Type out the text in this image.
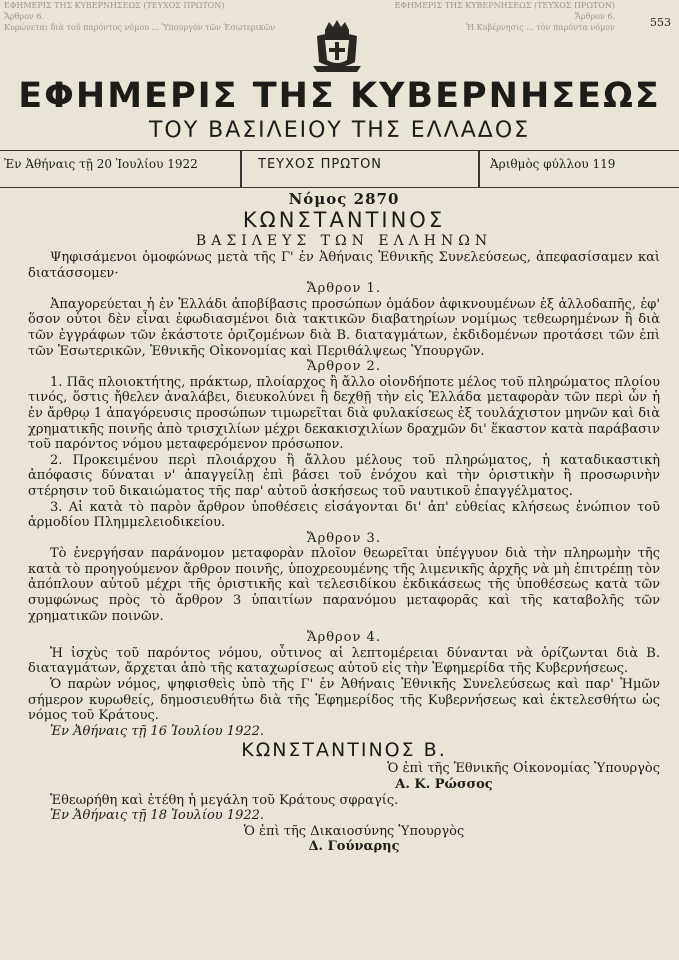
ΕΦΗΜΕΡΙΣ ΤΗΣ ΚΥΒΕΡΝΗΣΕΩΣ (ΤΕΥΧΟΣ ΠΡΩΤΟΝ)
Ἄρθρον 6.
Κυρώνεται διὰ τοῦ παρόντος νόμου ... Ὑπουργὸν τῶν Ἐσωτερικῶν
ΕΦΗΜΕΡΙΣ ΤΗΣ ΚΥΒΕΡΝΗΣΕΩΣ (ΤΕΥΧΟΣ ΠΡΩΤΟΝ)
Ἄρθρον 6.
Ἡ Κυβέρνησις ... τὸν παρόντα νόμον	553
ΕΦΗΜΕΡΙΣ ΤΗΣ ΚΥΒΕΡΝΗΣΕΩΣ
ΤΟΥ ΒΑΣΙΛΕΙΟΥ ΤΗΣ ΕΛΛΑΔΟΣ
Ἐν Ἀθήναις τῇ 20 Ἰουλίου 1922	ΤΕΥΧΟΣ ΠΡΩΤΟΝ	Ἀριθμὸς φύλλου 119

Νόμος 2870

ΚΩΝΣΤΑΝΤΙΝΟΣ

ΒΑΣΙΛΕΥΣ ΤΩΝ ΕΛΛΗΝΩΝ

Ψηφισάμενοι ὁμοφώνως μετὰ τῆς Γ' ἐν Ἀθήναις Ἐθνικῆς Συνελεύσεως, ἀπεφασίσαμεν καὶ διατάσσομεν·

Ἄρθρον 1.

Ἀπαγορεύεται ἡ ἐν Ἑλλάδι ἀποβίβασις προσώπων ὁμάδον ἀφικνουμένων ἐξ ἀλλοδαπῆς, ἐφ' ὅσον οὗτοι δὲν εἶναι ἐφωδιασμένοι διὰ τακτικῶν διαβατηρίων νομίμως τεθεωρημένων ἢ διὰ τῶν ἐγγράφων τῶν ἑκάστοτε ὁριζομένων διὰ Β. διαταγμάτων, ἐκδιδομένων προτάσει τῶν ἐπὶ τῶν Ἐσωτερικῶν, Ἐθνικῆς Οἰκονομίας καὶ Περιθάλψεως Ὑπουργῶν.

Ἄρθρον 2.

1. Πᾶς πλοιοκτήτης, πράκτωρ, πλοίαρχος ἢ ἄλλο οἱονδήποτε μέλος τοῦ πληρώματος πλοίου τινός, ὅστις ἤθελεν ἀναλάβει, διευκολύνει ἢ δεχθῇ τὴν εἰς Ἑλλάδα μεταφορὰν τῶν περὶ ὧν ἡ ἐν ἄρθρῳ 1 ἀπαγόρευσις προσώπων τιμωρεῖται διὰ φυλακίσεως ἐξ τουλάχιστον μηνῶν καὶ διὰ χρηματικῆς ποινῆς ἀπὸ τρισχιλίων μέχρι δεκακισχιλίων δραχμῶν δι' ἕκαστον κατὰ παράβασιν τοῦ παρόντος νόμου μεταφερόμενον πρόσωπον.

2. Προκειμένου περὶ πλοιάρχου ἢ ἄλλου μέλους τοῦ πληρώματος, ἡ καταδικαστικὴ ἀπόφασις δύναται ν' ἀπαγγείλῃ ἐπὶ βάσει τοῦ ἐνόχου καὶ τὴν ὁριστικὴν ἢ προσωρινὴν στέρησιν τοῦ δικαιώματος τῆς παρ' αὐτοῦ ἀσκήσεως τοῦ ναυτικοῦ ἐπαγγέλματος.

3. Αἱ κατὰ τὸ παρὸν ἄρθρον ὑποθέσεις εἰσάγονται δι' ἀπ' εὐθείας κλήσεως ἐνώπιον τοῦ ἁρμοδίου Πλημμελειοδικείου.

Ἄρθρον 3.

Τὸ ἐνεργήσαν παράνομον μεταφορὰν πλοῖον θεωρεῖται ὑπέγγυον διὰ τὴν πληρωμὴν τῆς κατὰ τὸ προηγούμενον ἄρθρον ποινῆς, ὑποχρεουμένης τῆς λιμενικῆς ἀρχῆς νὰ μὴ ἐπιτρέπῃ τὸν ἀπόπλουν αὐτοῦ μέχρι τῆς ὁριστικῆς καὶ τελεσιδίκου ἐκδικάσεως τῆς ὑποθέσεως κατὰ τῶν συμφώνως πρὸς τὸ ἄρθρον 3 ὑπαιτίων παρανόμου μεταφορᾶς καὶ τῆς καταβολῆς τῶν χρηματικῶν ποινῶν.

Ἄρθρον 4.

Ἡ ἰσχὺς τοῦ παρόντος νόμου, οὗτινος αἱ λεπτομέρειαι δύνανται νὰ ὁρίζωνται διὰ Β. διαταγμάτων, ἄρχεται ἀπὸ τῆς καταχωρίσεως αὐτοῦ εἰς τὴν Ἐφημερίδα τῆς Κυβερνήσεως.

Ὁ παρὼν νόμος, ψηφισθεὶς ὑπὸ τῆς Γ' ἐν Ἀθήναις Ἐθνικῆς Συνελεύσεως καὶ παρ' Ἡμῶν σήμερον κυρωθείς, δημοσιευθήτω διὰ τῆς Ἐφημερίδος τῆς Κυβερνήσεως καὶ ἐκτελεσθήτω ὡς νόμος τοῦ Κράτους.

Ἐν Ἀθήναις τῇ 16 Ἰουλίου 1922.

ΚΩΝΣΤΑΝΤΙΝΟΣ Β.

Ὁ ἐπὶ τῆς Ἐθνικῆς Οἰκονομίας Ὑπουργὸς

Α. Κ. Ρώσσος

Ἐθεωρήθη καὶ ἐτέθη ἡ μεγάλη τοῦ Κράτους σφραγίς.

Ἐν Ἀθήναις τῇ 18 Ἰουλίου 1922.

Ὁ ἐπὶ τῆς Δικαιοσύνης Ὑπουργὸς

Δ. Γούναρης
